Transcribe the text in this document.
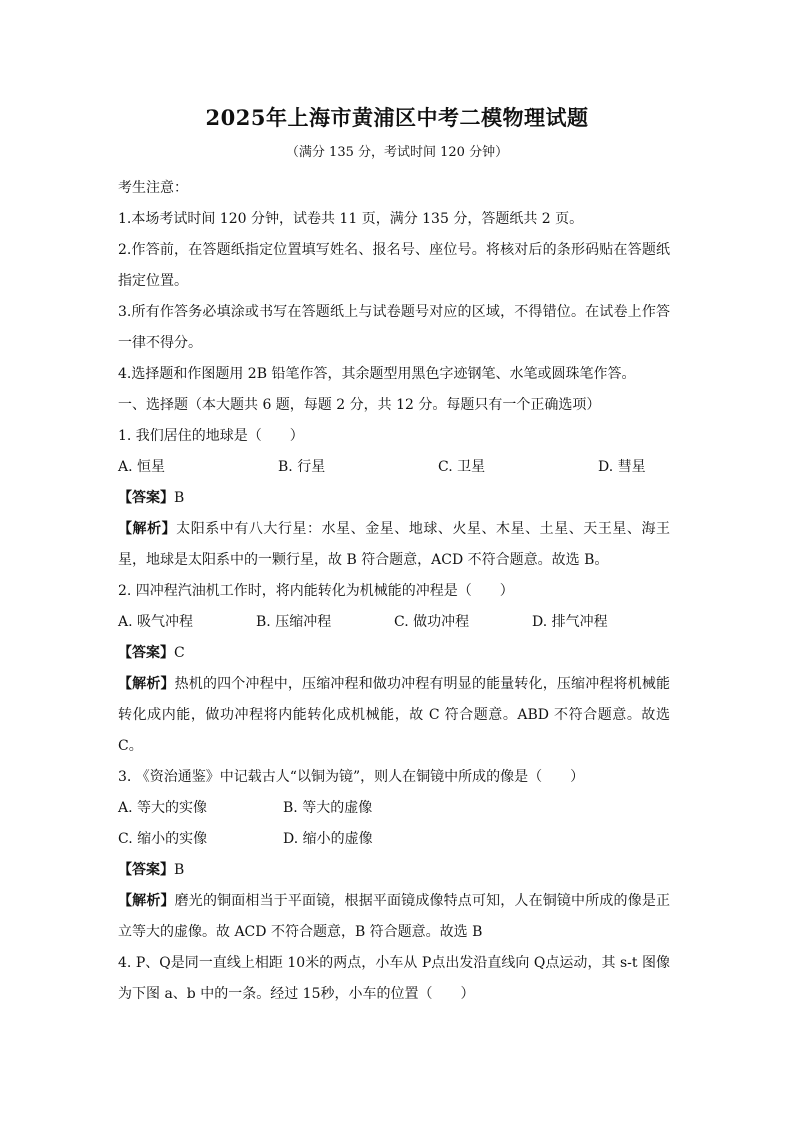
2025年上海市黄浦区中考二模物理试题
（满分 135 分，考试时间 120 分钟）
考生注意：
1.本场考试时间 120 分钟，试卷共 11 页，满分 135 分，答题纸共 2 页。
2.作答前，在答题纸指定位置填写姓名、报名号、座位号。将核对后的条形码贴在答题纸指定位置。
3.所有作答务必填涂或书写在答题纸上与试卷题号对应的区域，不得错位。在试卷上作答一律不得分。
4.选择题和作图题用 2B 铅笔作答，其余题型用黑色字迹钢笔、水笔或圆珠笔作答。
一、选择题（本大题共 6 题，每题 2 分，共 12 分。每题只有一个正确选项）
1. 我们居住的地球是（　　）
A. 恒星	B. 行星	C. 卫星	D. 彗星
【答案】B
【解析】太阳系中有八大行星：水星、金星、地球、火星、木星、土星、天王星、海王星，地球是太阳系中的一颗行星，故 B 符合题意，ACD 不符合题意。故选 B。
2. 四冲程汽油机工作时，将内能转化为机械能的冲程是（　　）
A. 吸气冲程	B. 压缩冲程	C. 做功冲程	D. 排气冲程
【答案】C
【解析】热机的四个冲程中，压缩冲程和做功冲程有明显的能量转化，压缩冲程将机械能转化成内能，做功冲程将内能转化成机械能，故 C 符合题意。ABD 不符合题意。故选 C。
3. 《资治通鉴》中记载古人“以铜为镜”，则人在铜镜中所成的像是（　　）
A. 等大的实像	B. 等大的虚像
C. 缩小的实像	D. 缩小的虚像
【答案】B
【解析】磨光的铜面相当于平面镜，根据平面镜成像特点可知，人在铜镜中所成的像是正立等大的虚像。故 ACD 不符合题意，B 符合题意。故选 B
4. P、Q是同一直线上相距 10米的两点，小车从 P点出发沿直线向 Q点运动，其 s-t 图像为下图 a、b 中的一条。经过 15秒，小车的位置（　　）
